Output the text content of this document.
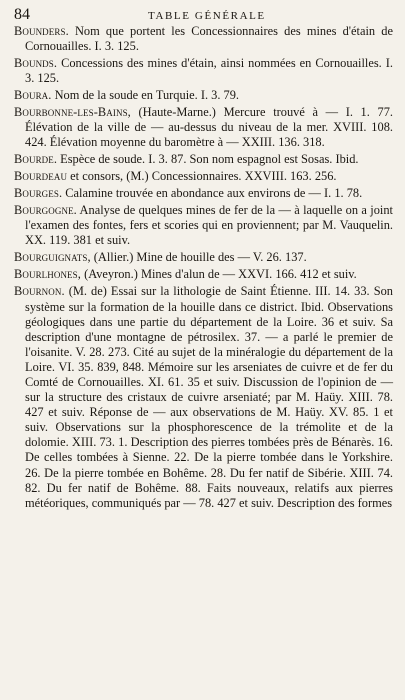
84	TABLE GÉNÉRALE

Bounders. Nom que portent les Concessionnaires des mines d'étain de Cornouailles. I. 3. 125.

Bounds. Concessions des mines d'étain, ainsi nommées en Cornouailles. I. 3. 125.

Boura. Nom de la soude en Turquie. I. 3. 79.

Bourbonne-les-Bains, (Haute-Marne.) Mercure trouvé à — I. 1. 77. Élévation de la ville de — au-dessus du niveau de la mer. XVIII. 108. 424. Élévation moyenne du baromètre à — XXIII. 136. 318.

Bourde. Espèce de soude. I. 3. 87. Son nom espagnol est Sosas. Ibid.

Bourdeau et consors, (M.) Concessionnaires. XXVIII. 163. 256.

Bourges. Calamine trouvée en abondance aux environs de — I. 1. 78.

Bourgogne. Analyse de quelques mines de fer de la — à laquelle on a joint l'examen des fontes, fers et scories qui en proviennent; par M. Vauquelin. XX. 119. 381 et suiv.

Bourguignats, (Allier.) Mine de houille des — V. 26. 137.

Bourlhones, (Aveyron.) Mines d'alun de — XXVI. 166. 412 et suiv.

Bournon. (M. de) Essai sur la lithologie de Saint Étienne. III. 14. 33. Son système sur la formation de la houille dans ce district. Ibid. Observations géologiques dans une partie du département de la Loire. 36 et suiv. Sa description d'une montagne de pétrosilex. 37. — a parlé le premier de l'oisanite. V. 28. 273. Cité au sujet de la minéralogie du département de la Loire. VI. 35. 839, 848. Mémoire sur les arseniates de cuivre et de fer du Comté de Cornouailles. XI. 61. 35 et suiv. Discussion de l'opinion de — sur la structure des cristaux de cuivre arseniaté; par M. Haüy. XIII. 78. 427 et suiv. Réponse de — aux observations de M. Haüy. XV. 85. 1 et suiv. Observations sur la phosphorescence de la trémolite et de la dolomie. XIII. 73. 1. Description des pierres tombées près de Bénarès. 16. De celles tombées à Sienne. 22. De la pierre tombée dans le Yorkshire. 26. De la pierre tombée en Bohême. 28. Du fer natif de Sibérie. XIII. 74. 82. Du fer natif de Bohême. 88. Faits nouveaux, relatifs aux pierres météoriques, communiqués par — 78. 427 et suiv. Description des formes
